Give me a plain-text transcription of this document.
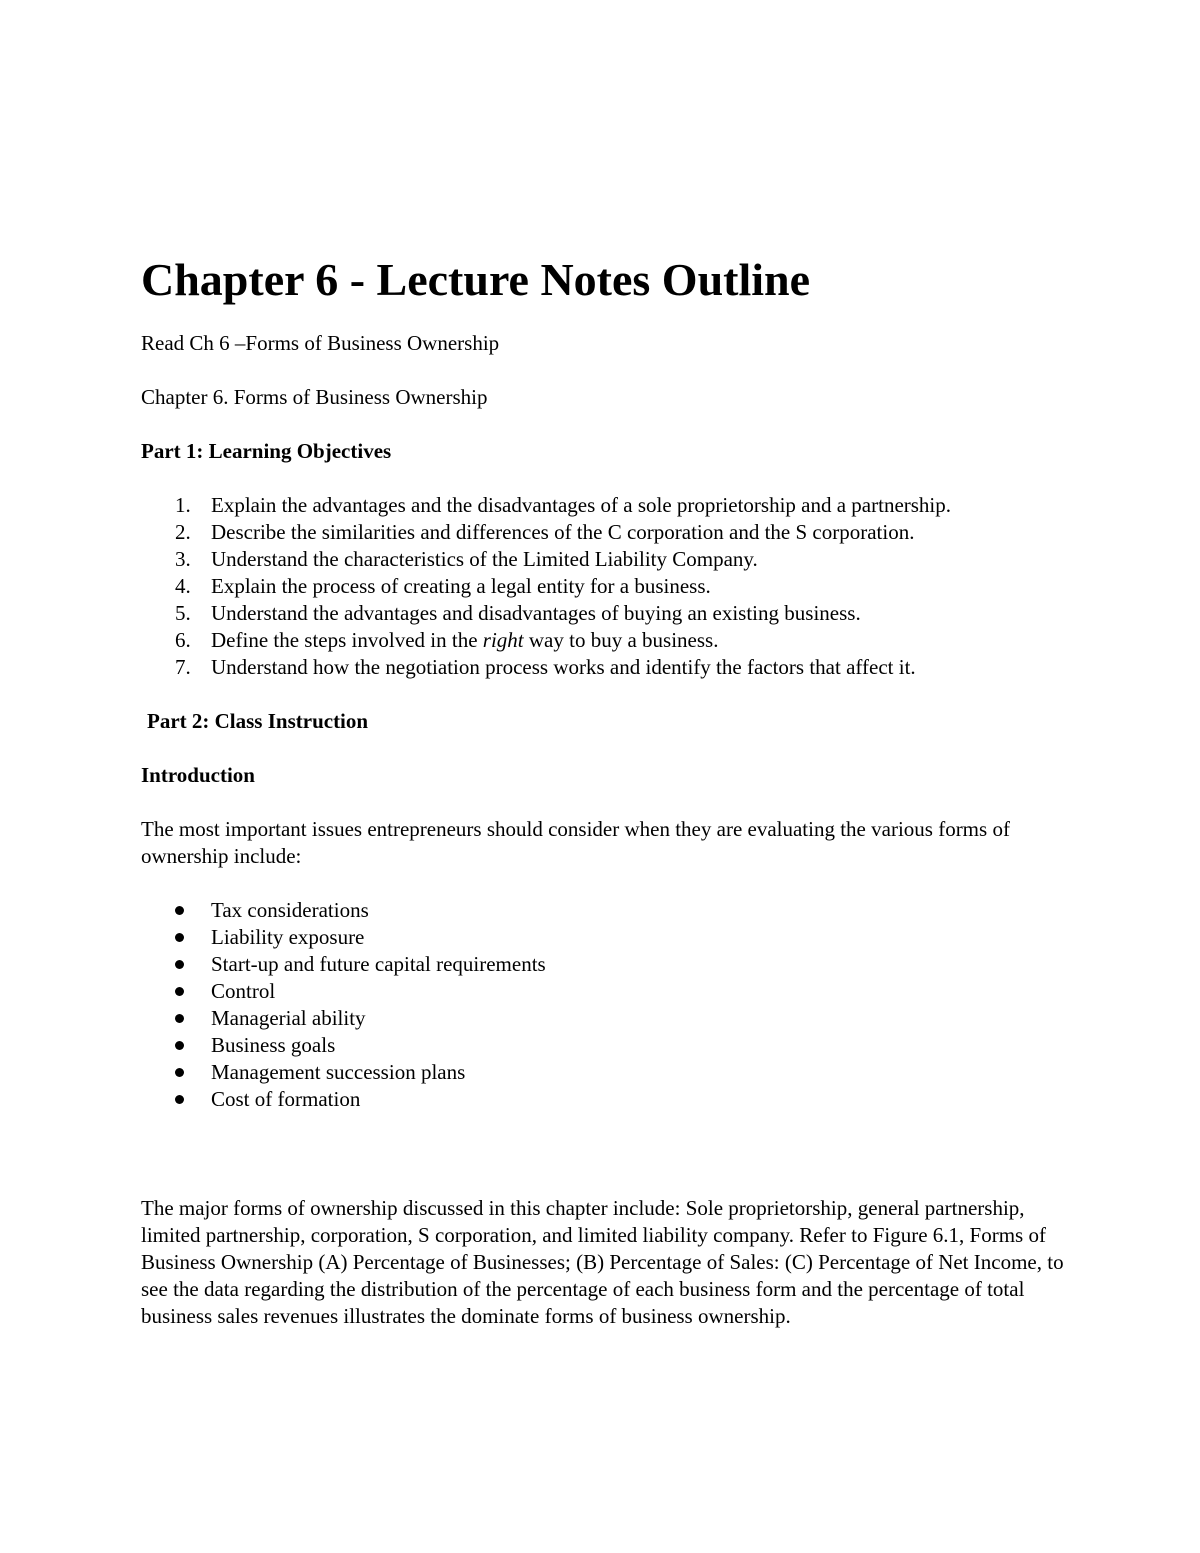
Chapter 6 - Lecture Notes Outline

Read Ch 6 –Forms of Business Ownership

Chapter 6. Forms of Business Ownership

Part 1: Learning Objectives

1. Explain the advantages and the disadvantages of a sole proprietorship and a partnership.
2. Describe the similarities and differences of the C corporation and the S corporation.
3. Understand the characteristics of the Limited Liability Company.
4. Explain the process of creating a legal entity for a business.
5. Understand the advantages and disadvantages of buying an existing business.
6. Define the steps involved in the right way to buy a business.
7. Understand how the negotiation process works and identify the factors that affect it.

Part 2: Class Instruction

Introduction

The most important issues entrepreneurs should consider when they are evaluating the various forms of ownership include:

Tax considerations
Liability exposure
Start-up and future capital requirements
Control
Managerial ability
Business goals
Management succession plans
Cost of formation

The major forms of ownership discussed in this chapter include: Sole proprietorship, general partnership, limited partnership, corporation, S corporation, and limited liability company. Refer to Figure 6.1, Forms of Business Ownership (A) Percentage of Businesses; (B) Percentage of Sales: (C) Percentage of Net Income, to see the data regarding the distribution of the percentage of each business form and the percentage of total business sales revenues illustrates the dominate forms of business ownership.
